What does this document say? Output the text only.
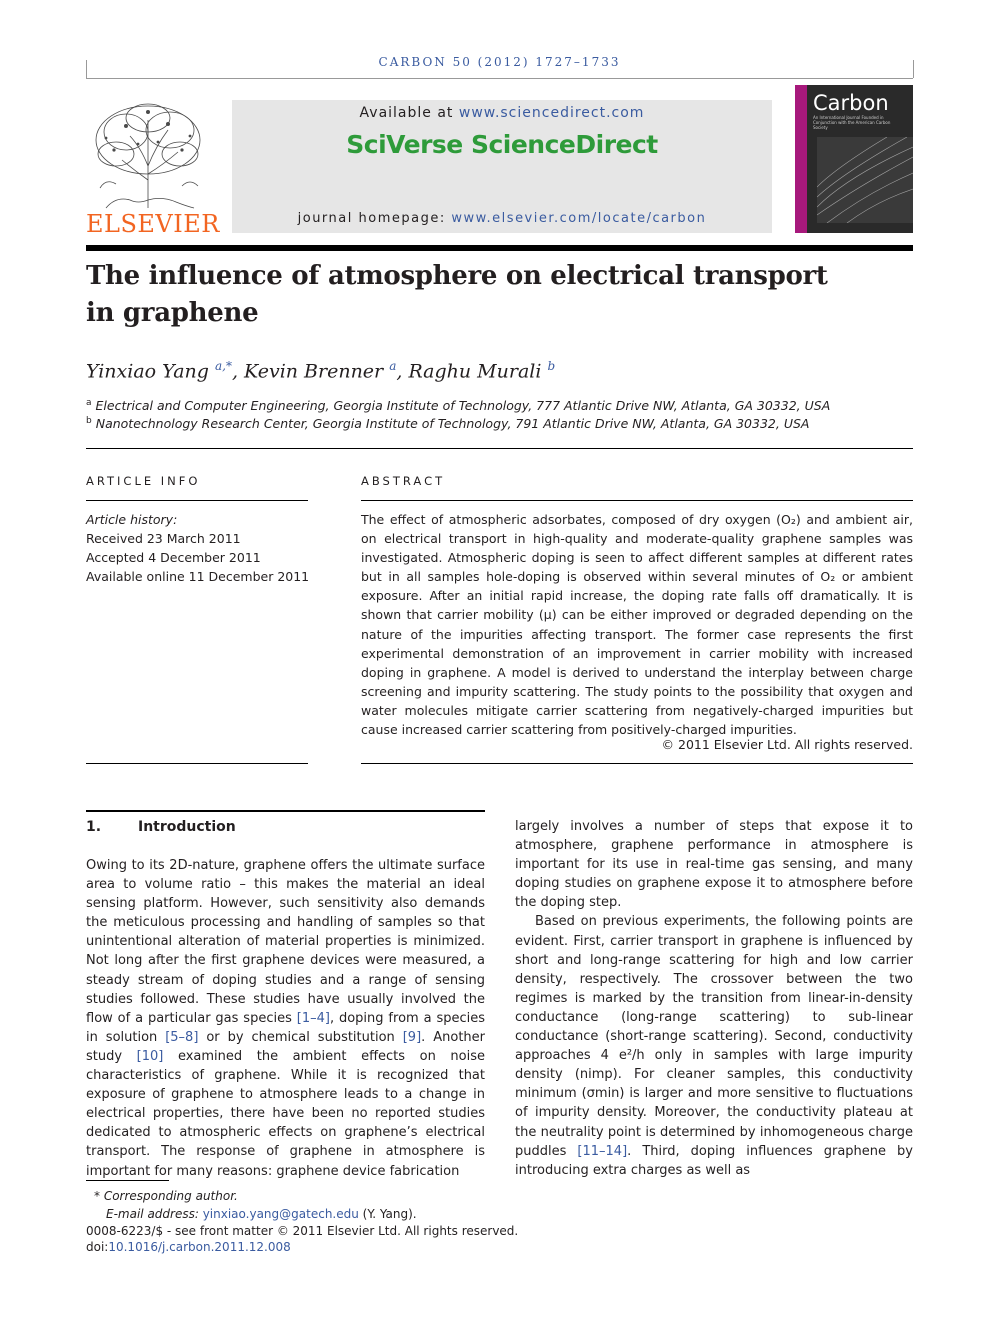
CARBON 50 (2012) 1727–1733
ELSEVIER
Available at www.sciencedirect.com
SciVerse ScienceDirect
journal homepage: www.elsevier.com/locate/carbon
Carbon
An International Journal Founded in Conjunction with the American Carbon Society
The influence of atmosphere on electrical transport
in graphene
Yinxiao Yang $^{a,*}$, Kevin Brenner $^a$, Raghu Murali $^b$
$^a$ Electrical and Computer Engineering, Georgia Institute of Technology, 777 Atlantic Drive NW, Atlanta, GA 30332, USA
$^b$ Nanotechnology Research Center, Georgia Institute of Technology, 791 Atlantic Drive NW, Atlanta, GA 30332, USA
ARTICLE INFO
Article history:
Received 23 March 2011
Accepted 4 December 2011
Available online 11 December 2011
ABSTRACT
The effect of atmospheric adsorbates, composed of dry oxygen (O₂) and ambient air, on electrical transport in high-quality and moderate-quality graphene samples was investigated. Atmospheric doping is seen to affect different samples at different rates but in all samples hole-doping is observed within several minutes of O₂ or ambient exposure. After an initial rapid increase, the doping rate falls off dramatically. It is shown that carrier mobility (μ) can be either improved or degraded depending on the nature of the impurities affecting transport. The former case represents the first experimental demonstration of an improvement in carrier mobility with increased doping in graphene. A model is derived to understand the interplay between charge screening and impurity scattering. The study points to the possibility that oxygen and water molecules mitigate carrier scattering from negatively-charged impurities but cause increased carrier scattering from positively-charged impurities.
© 2011 Elsevier Ltd. All rights reserved.
1.	Introduction
Owing to its 2D-nature, graphene offers the ultimate surface area to volume ratio – this makes the material an ideal sensing platform. However, such sensitivity also demands the meticulous processing and handling of samples so that unintentional alteration of material properties is minimized. Not long after the first graphene devices were measured, a steady stream of doping studies and a range of sensing studies followed. These studies have usually involved the flow of a particular gas species [1–4], doping from a species in solution [5–8] or by chemical substitution [9]. Another study [10] examined the ambient effects on noise characteristics of graphene. While it is recognized that exposure of graphene to atmosphere leads to a change in electrical properties, there have been no reported studies dedicated to atmospheric effects on graphene’s electrical transport. The response of graphene in atmosphere is important for many reasons: graphene device fabrication
largely involves a number of steps that expose it to atmosphere, graphene performance in atmosphere is important for its use in real-time gas sensing, and many doping studies on graphene expose it to atmosphere before the doping step.
Based on previous experiments, the following points are evident. First, carrier transport in graphene is influenced by short and long-range scattering for high and low carrier density, respectively. The crossover between the two regimes is marked by the transition from linear-in-density conductance (long-range scattering) to sub-linear conductance (short-range scattering). Second, conductivity approaches 4 e²/h only in samples with large impurity density (nimp). For cleaner samples, this conductivity minimum (σmin) is larger and more sensitive to fluctuations of impurity density. Moreover, the conductivity plateau at the neutrality point is determined by inhomogeneous charge puddles [11–14]. Third, doping influences graphene by introducing extra charges as well as
* Corresponding author.
E-mail address: yinxiao.yang@gatech.edu (Y. Yang).
0008-6223/$ - see front matter © 2011 Elsevier Ltd. All rights reserved.
doi:10.1016/j.carbon.2011.12.008
